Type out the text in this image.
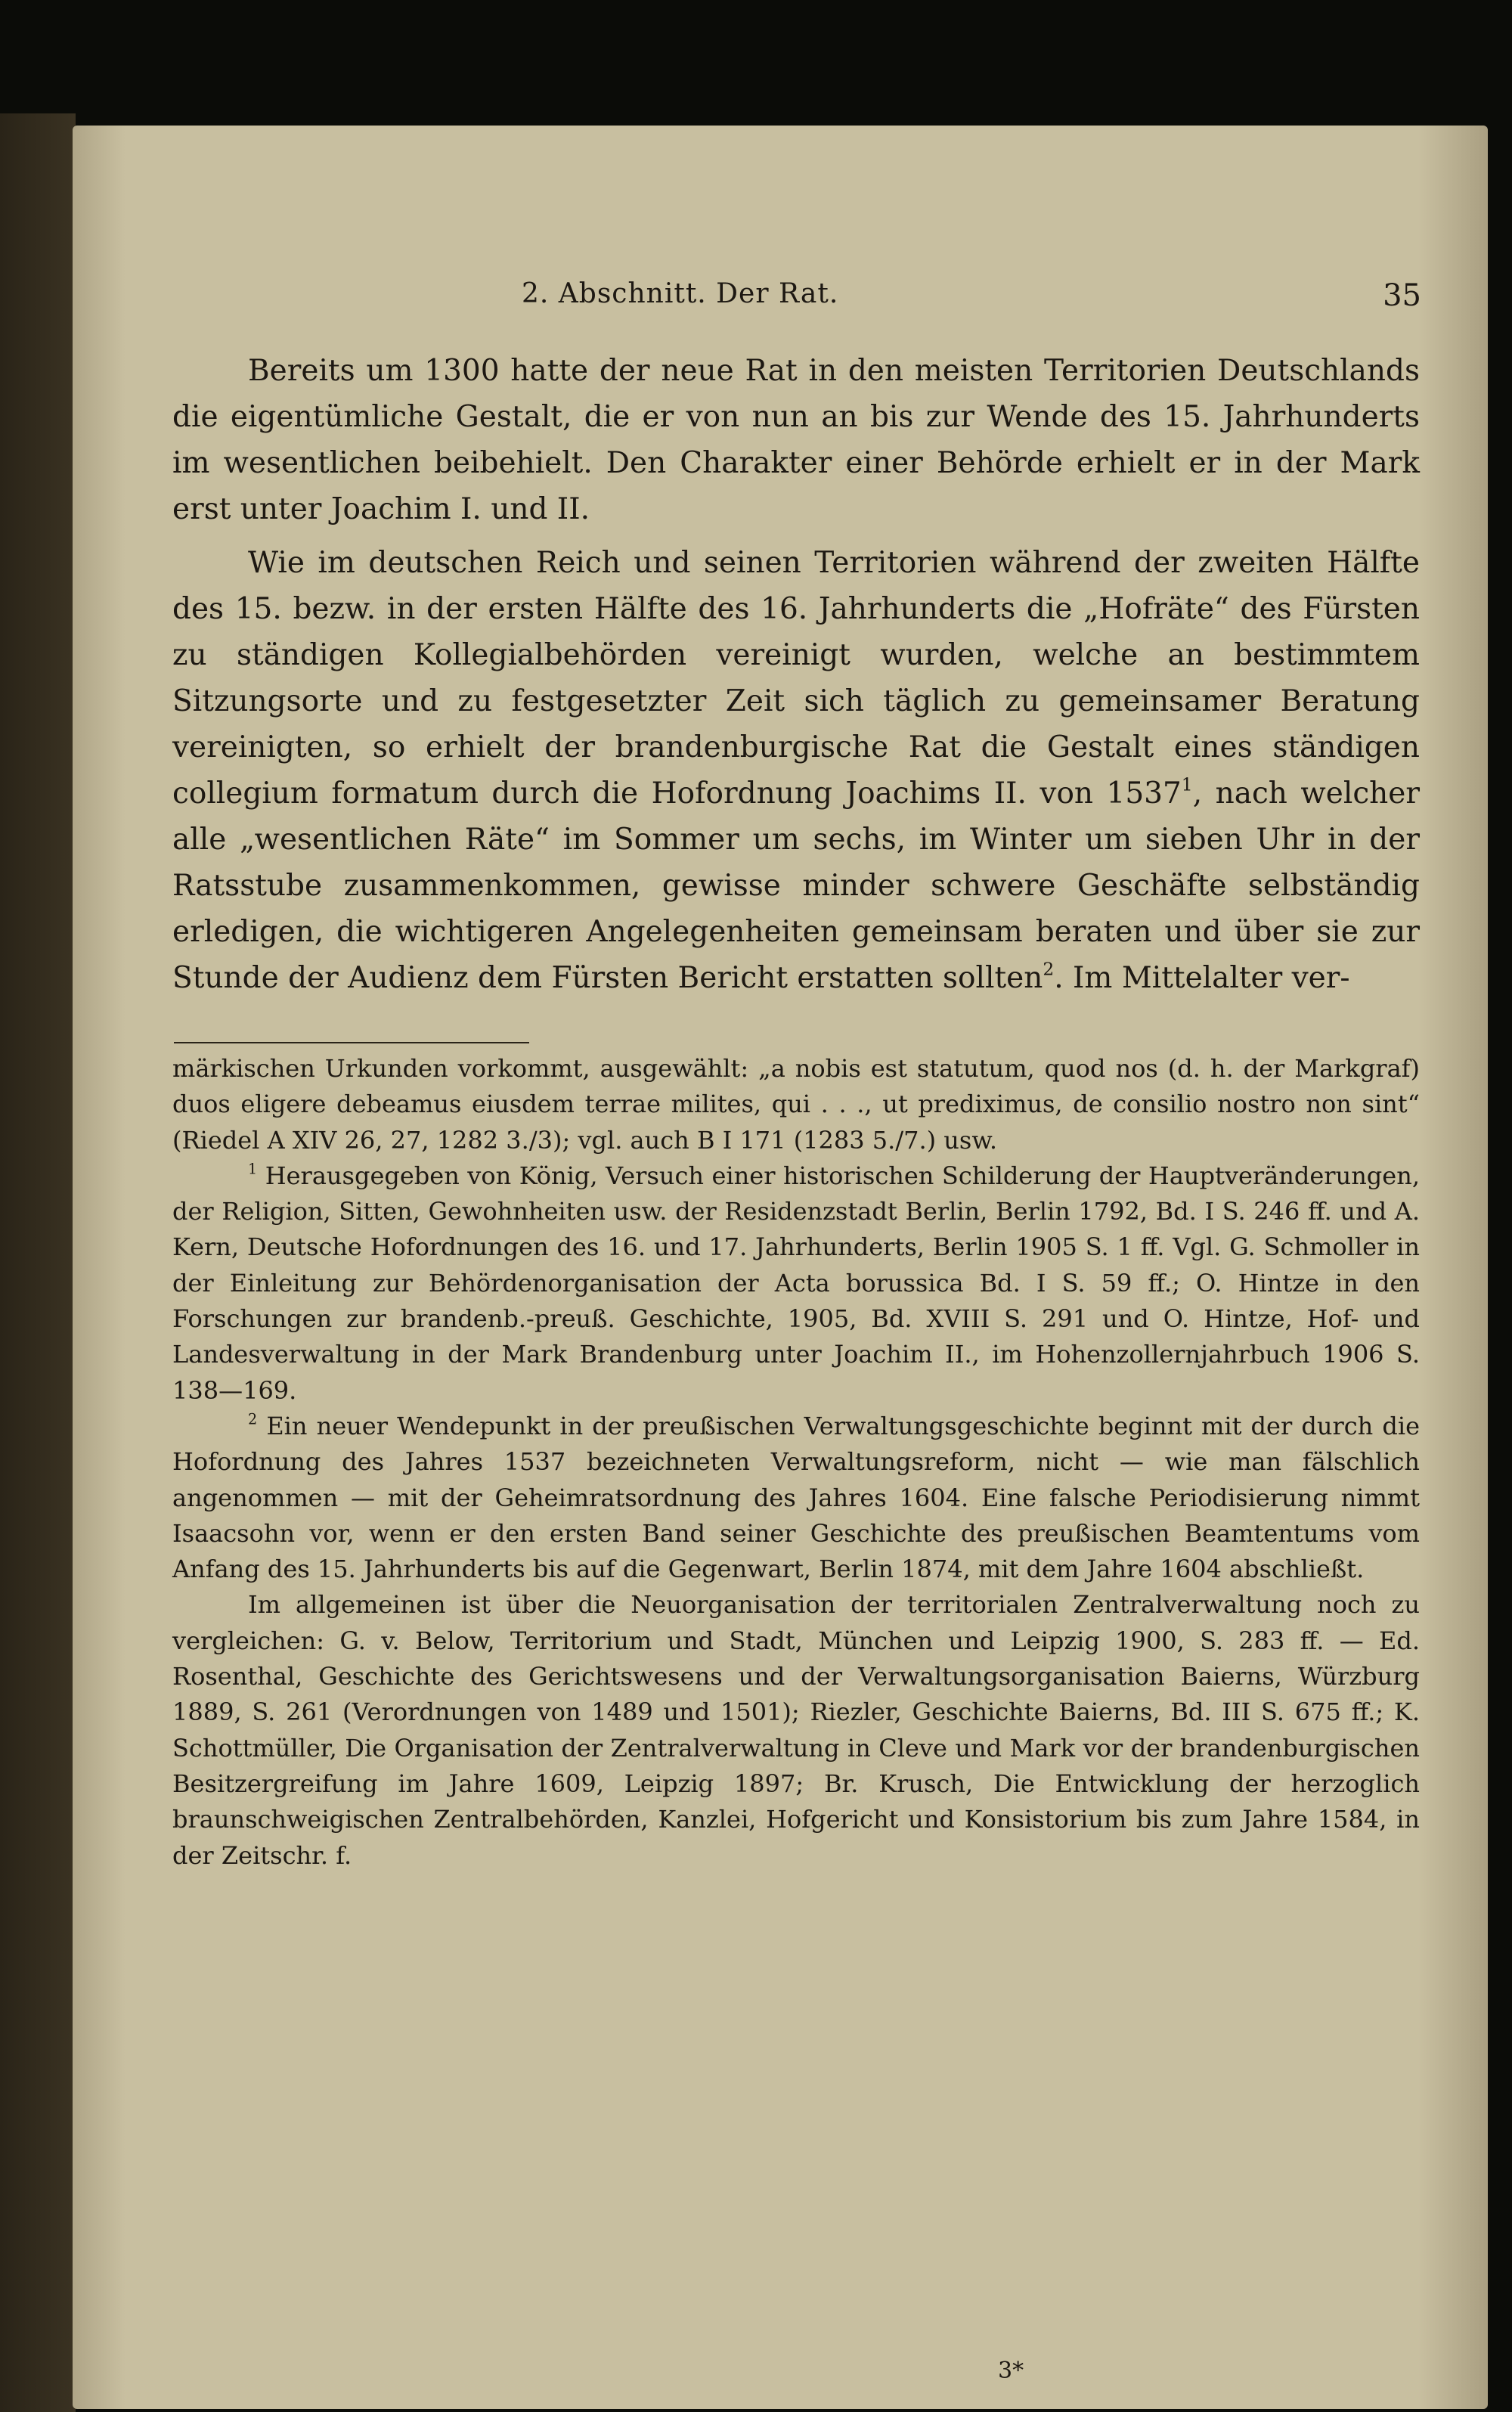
2. Abschnitt. Der Rat.	35

Bereits um 1300 hatte der neue Rat in den meisten Territorien Deutschlands die eigentümliche Gestalt, die er von nun an bis zur Wende des 15. Jahrhunderts im wesentlichen beibehielt. Den Charakter einer Behörde erhielt er in der Mark erst unter Joachim I. und II.

Wie im deutschen Reich und seinen Territorien während der zweiten Hälfte des 15. bezw. in der ersten Hälfte des 16. Jahrhunderts die „Hofräte“ des Fürsten zu ständigen Kollegialbehörden vereinigt wurden, welche an bestimmtem Sitzungsorte und zu festgesetzter Zeit sich täglich zu gemeinsamer Beratung vereinigten, so erhielt der brandenburgische Rat die Gestalt eines ständigen collegium formatum durch die Hofordnung Joachims II. von 1537$^1$, nach welcher alle „wesentlichen Räte“ im Sommer um sechs, im Winter um sieben Uhr in der Ratsstube zusammenkommen, gewisse minder schwere Geschäfte selbständig erledigen, die wichtigeren Angelegenheiten gemeinsam beraten und über sie zur Stunde der Audienz dem Fürsten Bericht erstatten sollten$^2$. Im Mittelalter ver-

märkischen Urkunden vorkommt, ausgewählt: „a nobis est statutum, quod nos (d. h. der Markgraf) duos eligere debeamus eiusdem terrae milites, qui . . ., ut prediximus, de consilio nostro non sint“ (Riedel A XIV 26, 27, 1282 3./3); vgl. auch B I 171 (1283 5./7.) usw.

$^1$ Herausgegeben von König, Versuch einer historischen Schilderung der Hauptveränderungen, der Religion, Sitten, Gewohnheiten usw. der Residenzstadt Berlin, Berlin 1792, Bd. I S. 246 ff. und A. Kern, Deutsche Hofordnungen des 16. und 17. Jahrhunderts, Berlin 1905 S. 1 ff. Vgl. G. Schmoller in der Einleitung zur Behördenorganisation der Acta borussica Bd. I S. 59 ff.; O. Hintze in den Forschungen zur brandenb.-preuß. Geschichte, 1905, Bd. XVIII S. 291 und O. Hintze, Hof- und Landesverwaltung in der Mark Brandenburg unter Joachim II., im Hohenzollernjahrbuch 1906 S. 138—169.

$^2$ Ein neuer Wendepunkt in der preußischen Verwaltungsgeschichte beginnt mit der durch die Hofordnung des Jahres 1537 bezeichneten Verwaltungsreform, nicht — wie man fälschlich angenommen — mit der Geheimratsordnung des Jahres 1604. Eine falsche Periodisierung nimmt Isaacsohn vor, wenn er den ersten Band seiner Geschichte des preußischen Beamtentums vom Anfang des 15. Jahrhunderts bis auf die Gegenwart, Berlin 1874, mit dem Jahre 1604 abschließt.

Im allgemeinen ist über die Neuorganisation der territorialen Zentralverwaltung noch zu vergleichen: G. v. Below, Territorium und Stadt, München und Leipzig 1900, S. 283 ff. — Ed. Rosenthal, Geschichte des Gerichtswesens und der Verwaltungsorganisation Baierns, Würzburg 1889, S. 261 (Verordnungen von 1489 und 1501); Riezler, Geschichte Baierns, Bd. III S. 675 ff.; K. Schottmüller, Die Organisation der Zentralverwaltung in Cleve und Mark vor der brandenburgischen Besitzergreifung im Jahre 1609, Leipzig 1897; Br. Krusch, Die Entwicklung der herzoglich braunschweigischen Zentralbehörden, Kanzlei, Hofgericht und Konsistorium bis zum Jahre 1584, in der Zeitschr. f.

3*
